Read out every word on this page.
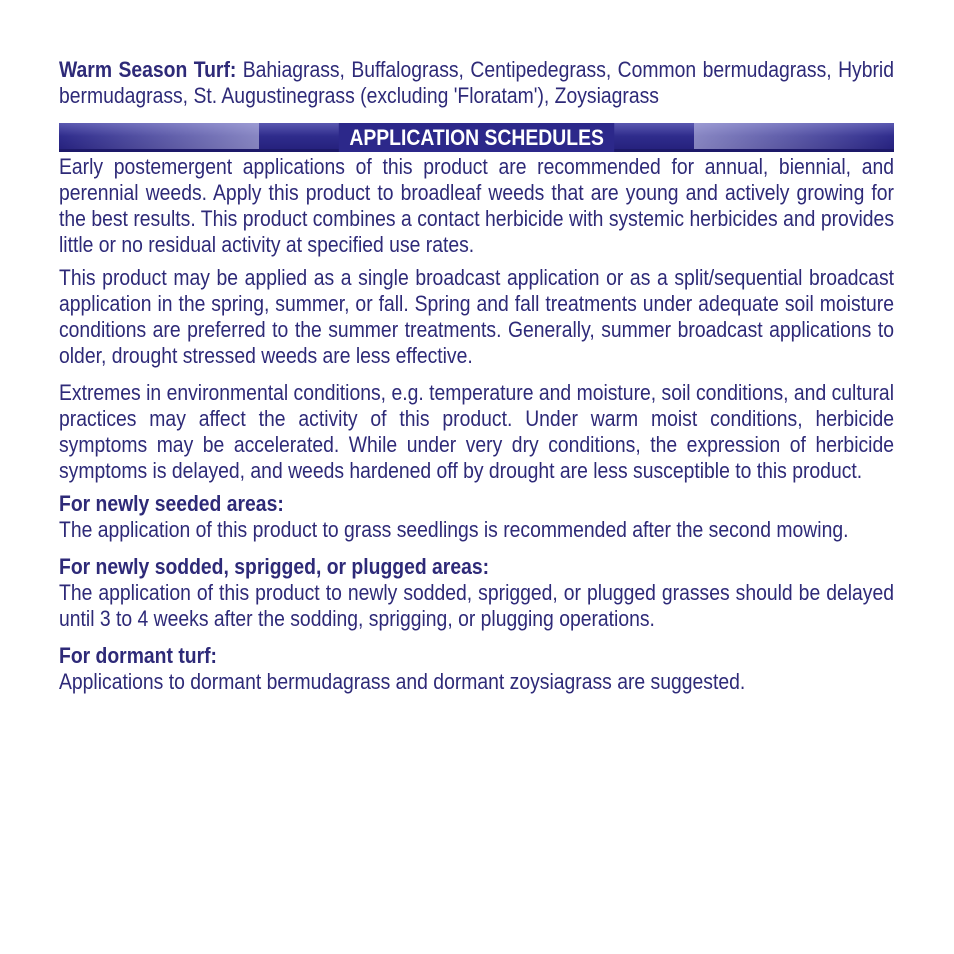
Warm Season Turf: Bahiagrass, Buffalograss, Centipedegrass, Common bermudagrass, Hybrid bermudagrass, St. Augustinegrass (excluding 'Floratam'), Zoysiagrass

APPLICATION SCHEDULES

Early postemergent applications of this product are recommended for annual, biennial, and perennial weeds. Apply this product to broadleaf weeds that are young and actively growing for the best results. This product combines a contact herbicide with systemic herbicides and provides little or no residual activity at specified use rates.

This product may be applied as a single broadcast application or as a split/sequential broadcast application in the spring, summer, or fall. Spring and fall treatments under adequate soil moisture conditions are preferred to the summer treatments. Generally, summer broadcast applications to older, drought stressed weeds are less effective.

Extremes in environmental conditions, e.g. temperature and moisture, soil conditions, and cultural practices may affect the activity of this product. Under warm moist conditions, herbicide symptoms may be accelerated. While under very dry conditions, the expression of herbicide symptoms is delayed, and weeds hardened off by drought are less susceptible to this product.

For newly seeded areas:

The application of this product to grass seedlings is recommended after the second mowing.

For newly sodded, sprigged, or plugged areas:

The application of this product to newly sodded, sprigged, or plugged grasses should be delayed until 3 to 4 weeks after the sodding, sprigging, or plugging operations.

For dormant turf:

Applications to dormant bermudagrass and dormant zoysiagrass are suggested.
